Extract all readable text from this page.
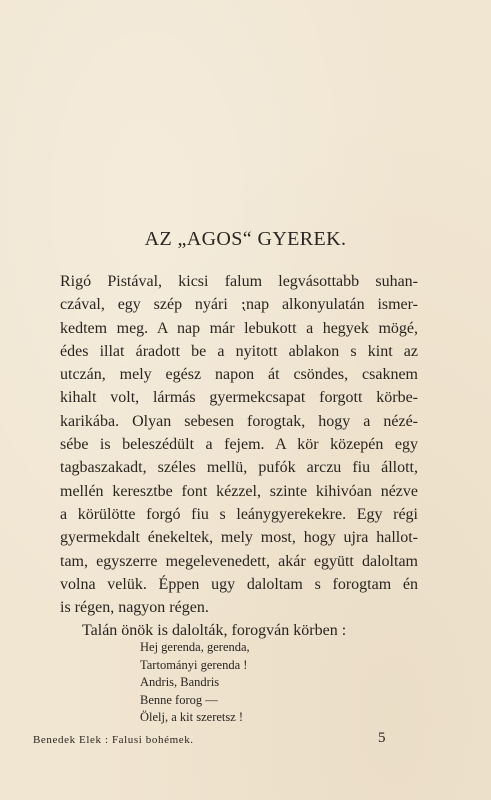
AZ „AGOS“ GYEREK.
Rigó Pistával, kicsi falum legvásottabb suhan-
czával, egy szép nyári ⁏nap alkonyulatán ismer-
kedtem meg. A nap már lebukott a hegyek mögé,
édes illat áradott be a nyitott ablakon s kint az
utczán, mely egész napon át csöndes, csaknem
kihalt volt, lármás gyermekcsapat forgott körbe-
karikába. Olyan sebesen forogtak, hogy a nézé-
sébe is beleszédült a fejem. A kör közepén egy
tagbaszakadt, széles mellü, pufók arczu fiu állott,
mellén keresztbe font kézzel, szinte kihivóan nézve
a körülötte forgó fiu s leánygyerekekre. Egy régi
gyermekdalt énekeltek, mely most, hogy ujra hallot-
tam, egyszerre megelevenedett, akár együtt daloltam
volna velük. Éppen ugy daloltam s forogtam én
is régen, nagyon régen.
Talán önök is dalolták, forogván körben :
Hej gerenda, gerenda,
Tartományi gerenda !
Andris, Bandris
Benne forog —
Ölelj, a kit szeretsz !

Benedek Elek : Falusi bohémek.	5
